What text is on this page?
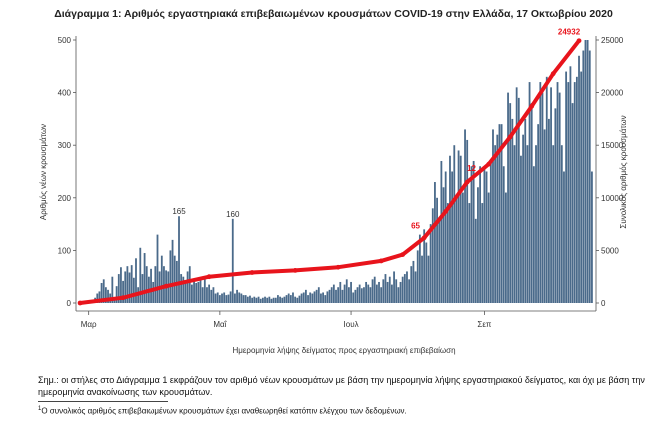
Διάγραμμα 1: Αριθμός εργαστηριακά επιβεβαιωμένων κρουσμάτων COVID-19 στην Ελλάδα, 17 Οκτωβρίου 2020
165	160
24932
12
65
0
100
200
300
400
500
0
5000
10000
15000
20000
25000
Μαρ	Μαΐ	Ιουλ	Σεπ
Αριθμός νέων κρουσμάτων	Συνολικός αριθμός κρουσμάτων
Ημερομηνία λήψης δείγματος προς εργαστηριακή επιβεβαίωση
Σημ.: οι στήλες στο Διάγραμμα 1 εκφράζουν τον αριθμό νέων κρουσμάτων με βάση την ημερομηνία λήψης εργαστηριακού δείγματος, και όχι με βάση την ημερομηνία ανακοίνωσης των κρουσμάτων.
$^1$Ο συνολικός αριθμός επιβεβαιωμένων κρουσμάτων έχει αναθεωρηθεί κατόπιν ελέγχου των δεδομένων.
